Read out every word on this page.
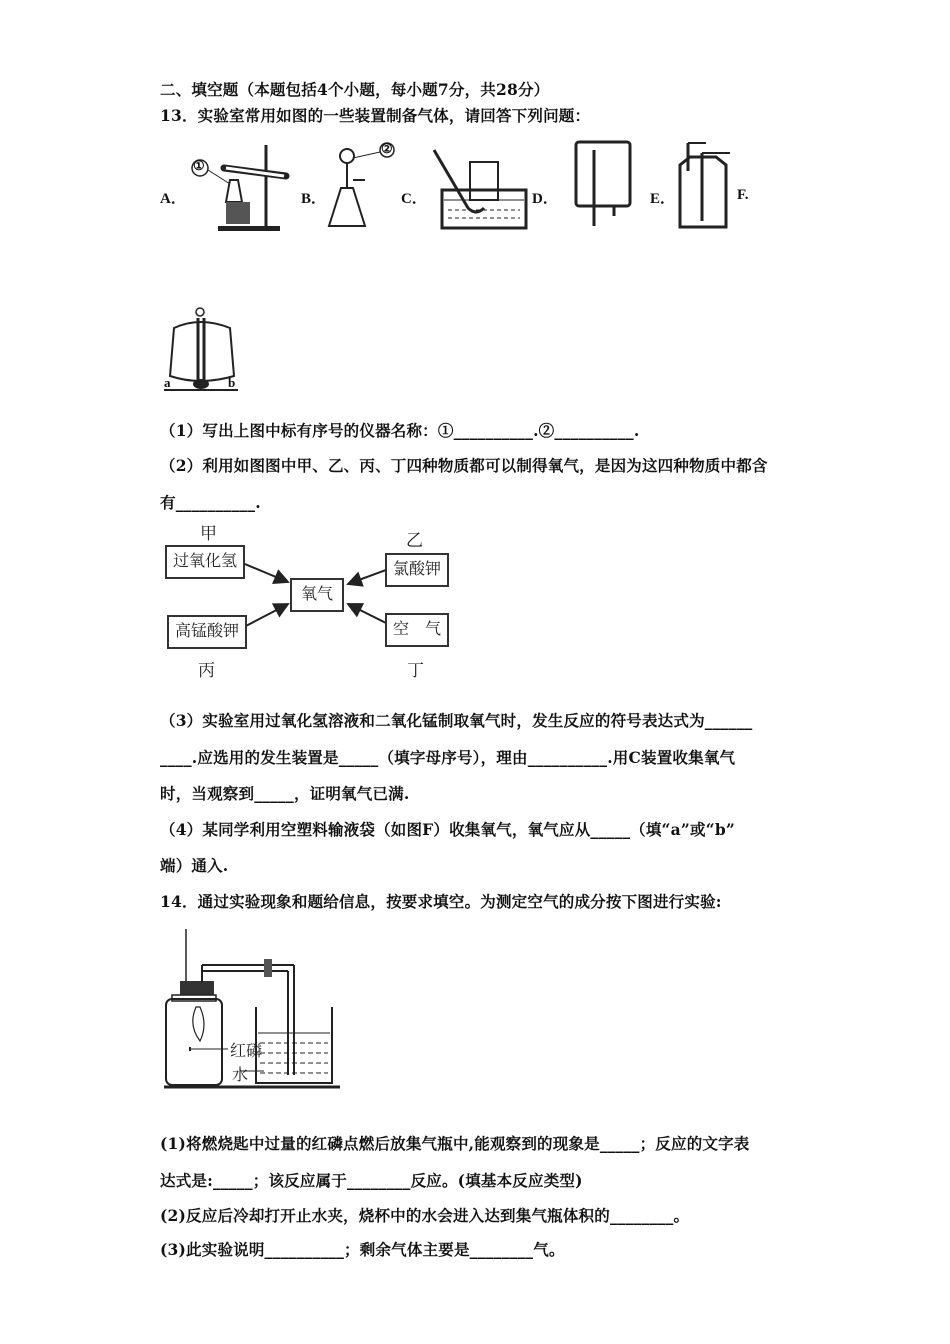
二、填空题（本题包括4个小题，每小题7分，共28分）
13．实验室常用如图的一些装置制备气体，请回答下列问题：
A．	B．	C．	D．	E．	F.
①
②
a	b
（1）写出上图中标有序号的仪器名称：①__________.②__________.
（2）利用如图图中甲、乙、丙、丁四种物质都可以制得氧气，是因为这四种物质中都含
有__________.
甲
过氧化氢
乙
氯酸钾
氧气
高锰酸钾
丙
空　气
丁
（3）实验室用过氧化氢溶液和二氧化锰制取氧气时，发生反应的符号表达式为______
____.应选用的发生装置是_____（填字母序号），理由__________.用C装置收集氧气
时，当观察到_____，证明氧气已满.
（4）某同学利用空塑料输液袋（如图F）收集氧气，氧气应从_____（填“a”或“b”
端）通入.
14．通过实验现象和题给信息，按要求填空。为测定空气的成分按下图进行实验:
红磷
水
(1)将燃烧匙中过量的红磷点燃后放集气瓶中,能观察到的现象是_____；反应的文字表
达式是:_____；该反应属于________反应。(填基本反应类型)
(2)反应后冷却打开止水夹，烧杯中的水会进入达到集气瓶体积的________。
(3)此实验说明__________；剩余气体主要是________气。
